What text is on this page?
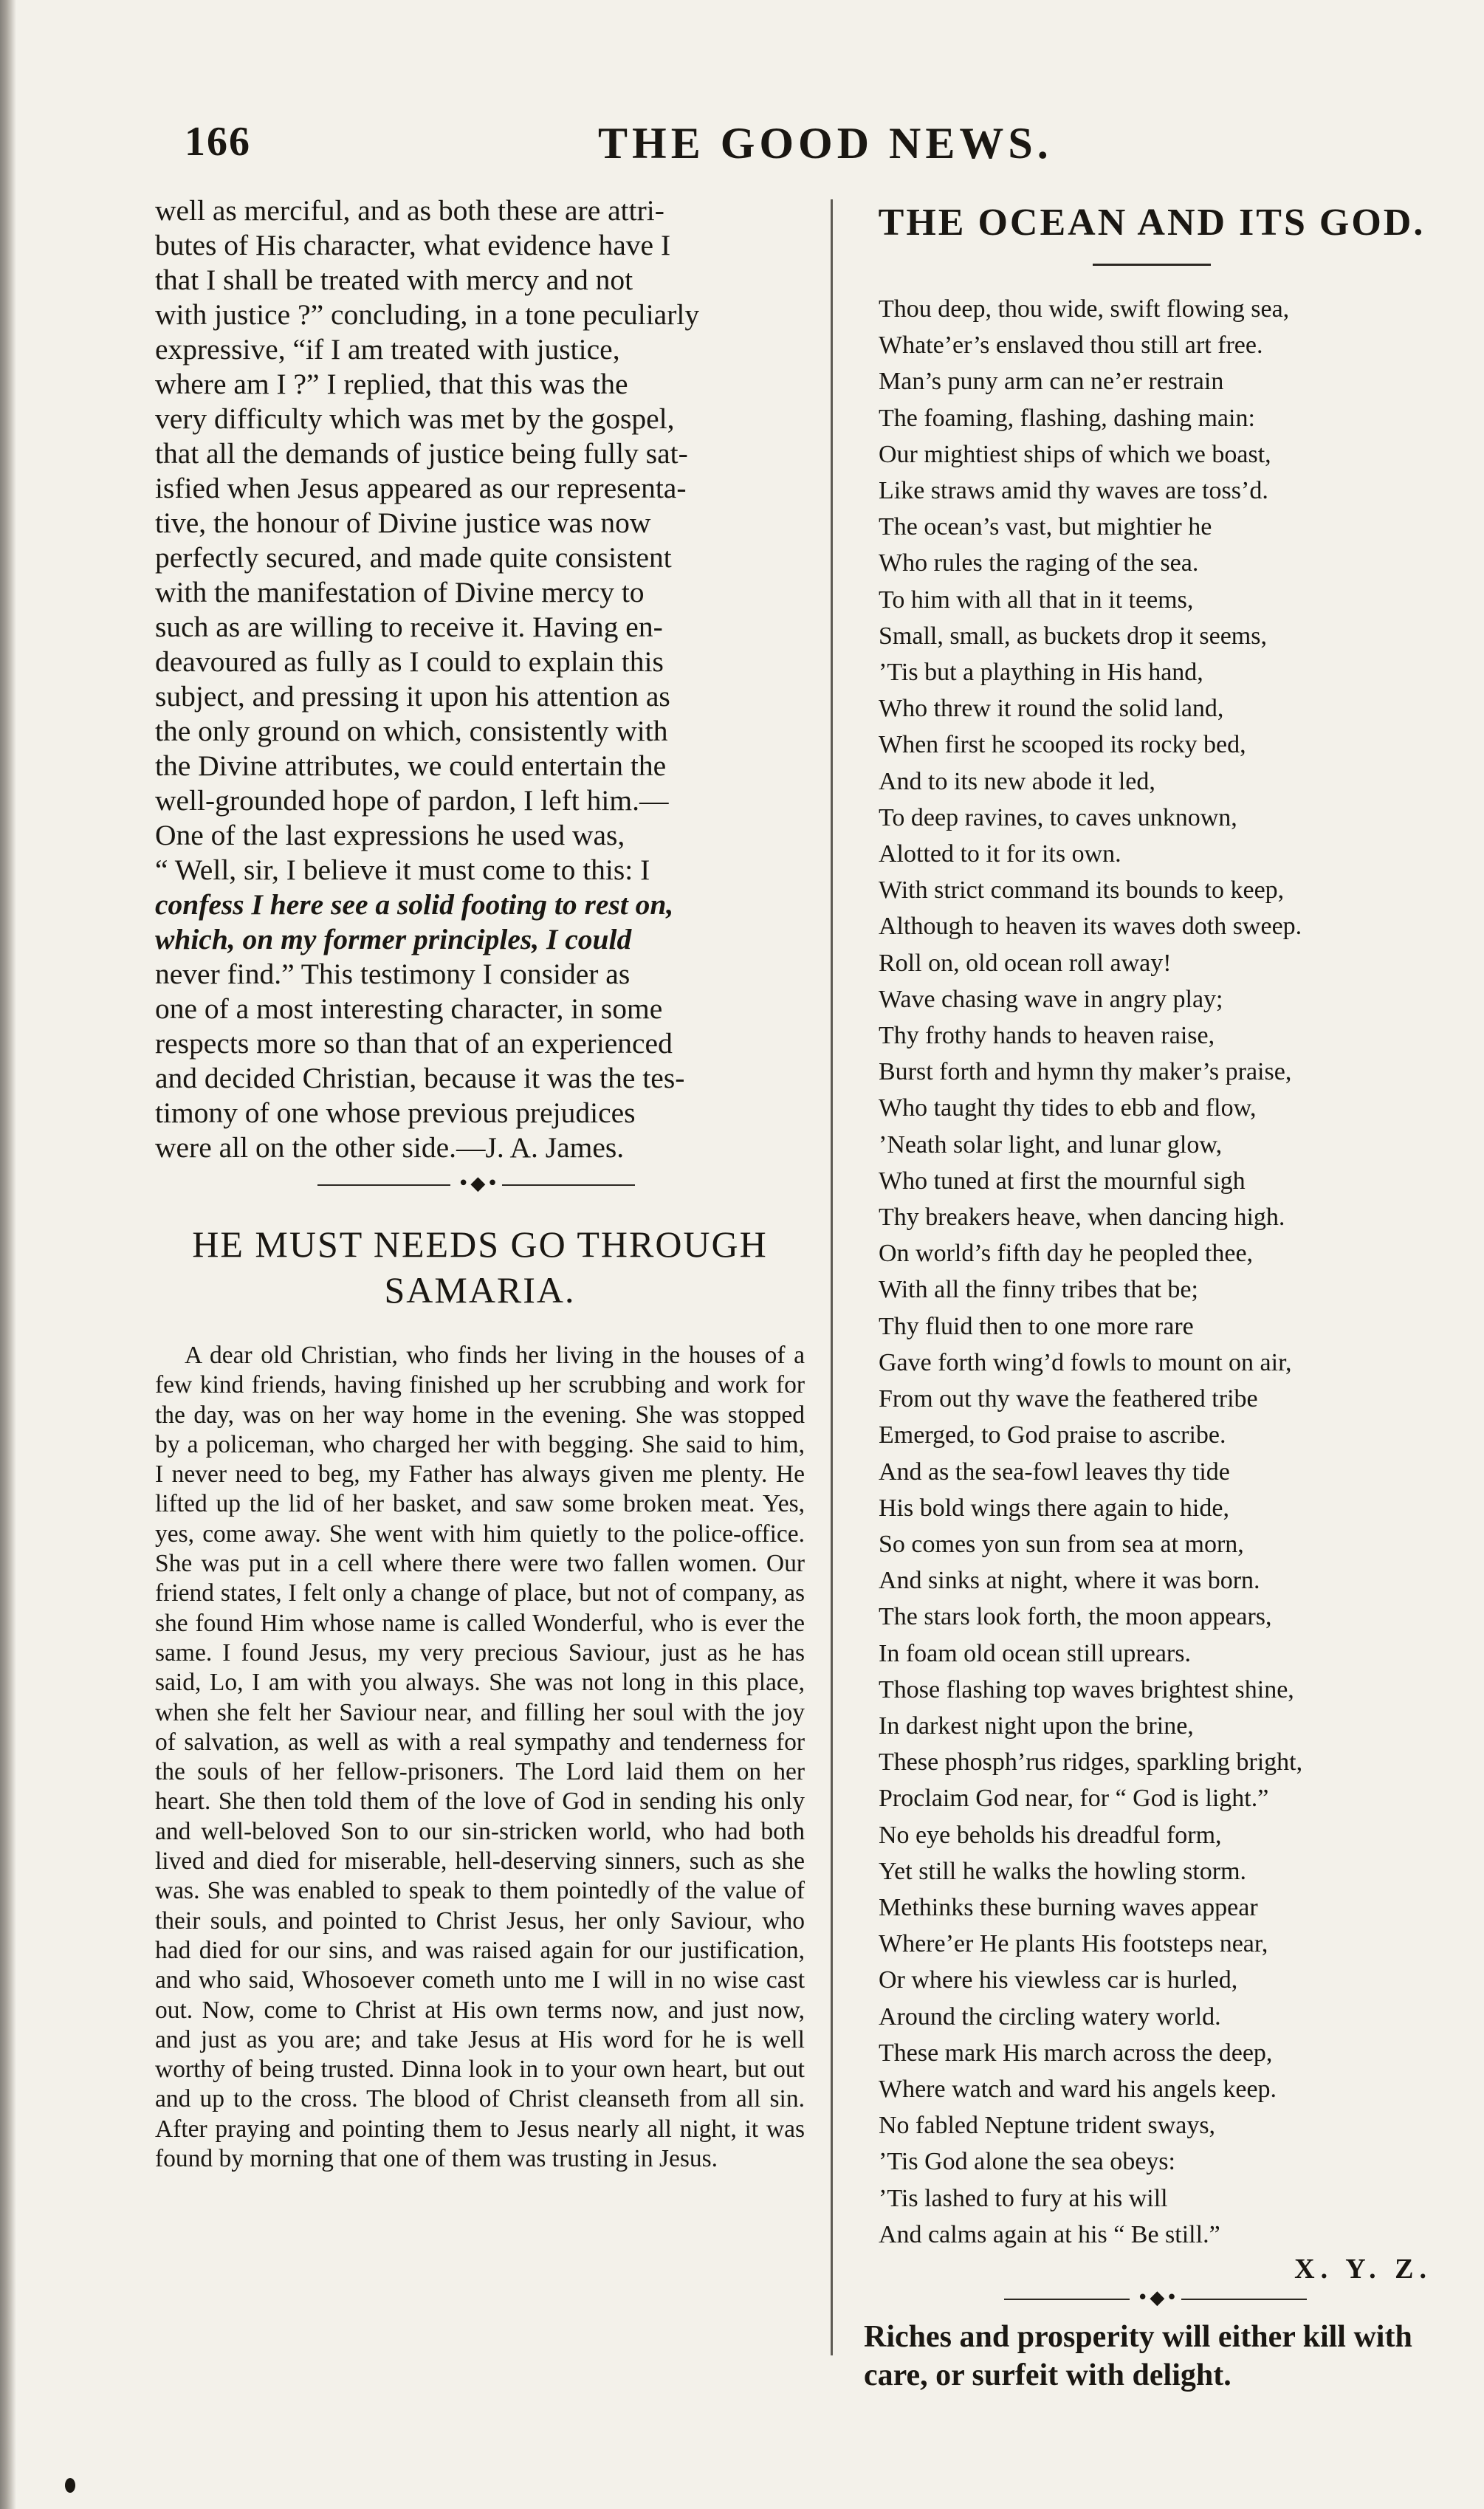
166	THE GOOD NEWS.
well as merciful, and as both these are attri-
butes of His character, what evidence have I
that I shall be treated with mercy and not
with justice ?” concluding, in a tone peculiarly
expressive, “if I am treated with justice,
where am I ?” I replied, that this was the
very difficulty which was met by the gospel,
that all the demands of justice being fully sat-
isfied when Jesus appeared as our representa-
tive, the honour of Divine justice was now
perfectly secured, and made quite consistent
with the manifestation of Divine mercy to
such as are willing to receive it. Having en-
deavoured as fully as I could to explain this
subject, and pressing it upon his attention as
the only ground on which, consistently with
the Divine attributes, we could entertain the
well-grounded hope of pardon, I left him.—
One of the last expressions he used was,
“ Well, sir, I believe it must come to this: I
confess I here see a solid footing to rest on,
which, on my former principles, I could
never find.” This testimony I consider as
one of a most interesting character, in some
respects more so than that of an experienced
and decided Christian, because it was the tes-
timony of one whose previous prejudices
were all on the other side.—J. A. James.
•◆•
HE MUST NEEDS GO THROUGH SAMARIA.

A dear old Christian, who finds her living in the houses of a few kind friends, having finished up her scrubbing and work for the day, was on her way home in the evening. She was stopped by a policeman, who charged her with begging. She said to him, I never need to beg, my Father has always given me plenty. He lifted up the lid of her basket, and saw some broken meat. Yes, yes, come away. She went with him quietly to the police-office. She was put in a cell where there were two fallen women. Our friend states, I felt only a change of place, but not of company, as she found Him whose name is called Wonderful, who is ever the same. I found Jesus, my very precious Saviour, just as he has said, Lo, I am with you always. She was not long in this place, when she felt her Saviour near, and filling her soul with the joy of salvation, as well as with a real sympathy and tenderness for the souls of her fellow-prisoners. The Lord laid them on her heart. She then told them of the love of God in sending his only and well-beloved Son to our sin-stricken world, who had both lived and died for miserable, hell-deserving sinners, such as she was. She was enabled to speak to them pointedly of the value of their souls, and pointed to Christ Jesus, her only Saviour, who had died for our sins, and was raised again for our justification, and who said, Whosoever cometh unto me I will in no wise cast out. Now, come to Christ at His own terms now, and just now, and just as you are; and take Jesus at His word for he is well worthy of being trusted. Dinna look in to your own heart, but out and up to the cross. The blood of Christ cleanseth from all sin. After praying and pointing them to Jesus nearly all night, it was found by morning that one of them was trusting in Jesus.

THE OCEAN AND ITS GOD.
Thou deep, thou wide, swift flowing sea,
Whate’er’s enslaved thou still art free.
Man’s puny arm can ne’er restrain
The foaming, flashing, dashing main:
Our mightiest ships of which we boast,
Like straws amid thy waves are toss’d.
The ocean’s vast, but mightier he
Who rules the raging of the sea.
To him with all that in it teems,
Small, small, as buckets drop it seems,
’Tis but a plaything in His hand,
Who threw it round the solid land,
When first he scooped its rocky bed,
And to its new abode it led,
To deep ravines, to caves unknown,
Alotted to it for its own.
With strict command its bounds to keep,
Although to heaven its waves doth sweep.
Roll on, old ocean roll away!
Wave chasing wave in angry play;
Thy frothy hands to heaven raise,
Burst forth and hymn thy maker’s praise,
Who taught thy tides to ebb and flow,
’Neath solar light, and lunar glow,
Who tuned at first the mournful sigh
Thy breakers heave, when dancing high.
On world’s fifth day he peopled thee,
With all the finny tribes that be;
Thy fluid then to one more rare
Gave forth wing’d fowls to mount on air,
From out thy wave the feathered tribe
Emerged, to God praise to ascribe.
And as the sea-fowl leaves thy tide
His bold wings there again to hide,
So comes yon sun from sea at morn,
And sinks at night, where it was born.
The stars look forth, the moon appears,
In foam old ocean still uprears.
Those flashing top waves brightest shine,
In darkest night upon the brine,
These phosph’rus ridges, sparkling bright,
Proclaim God near, for “ God is light.”
No eye beholds his dreadful form,
Yet still he walks the howling storm.
Methinks these burning waves appear
Where’er He plants His footsteps near,
Or where his viewless car is hurled,
Around the circling watery world.
These mark His march across the deep,
Where watch and ward his angels keep.
No fabled Neptune trident sways,
’Tis God alone the sea obeys:
’Tis lashed to fury at his will
And calms again at his “ Be still.”

X. Y. Z.

•◆•
Riches and prosperity will either kill with
care, or surfeit with delight.
